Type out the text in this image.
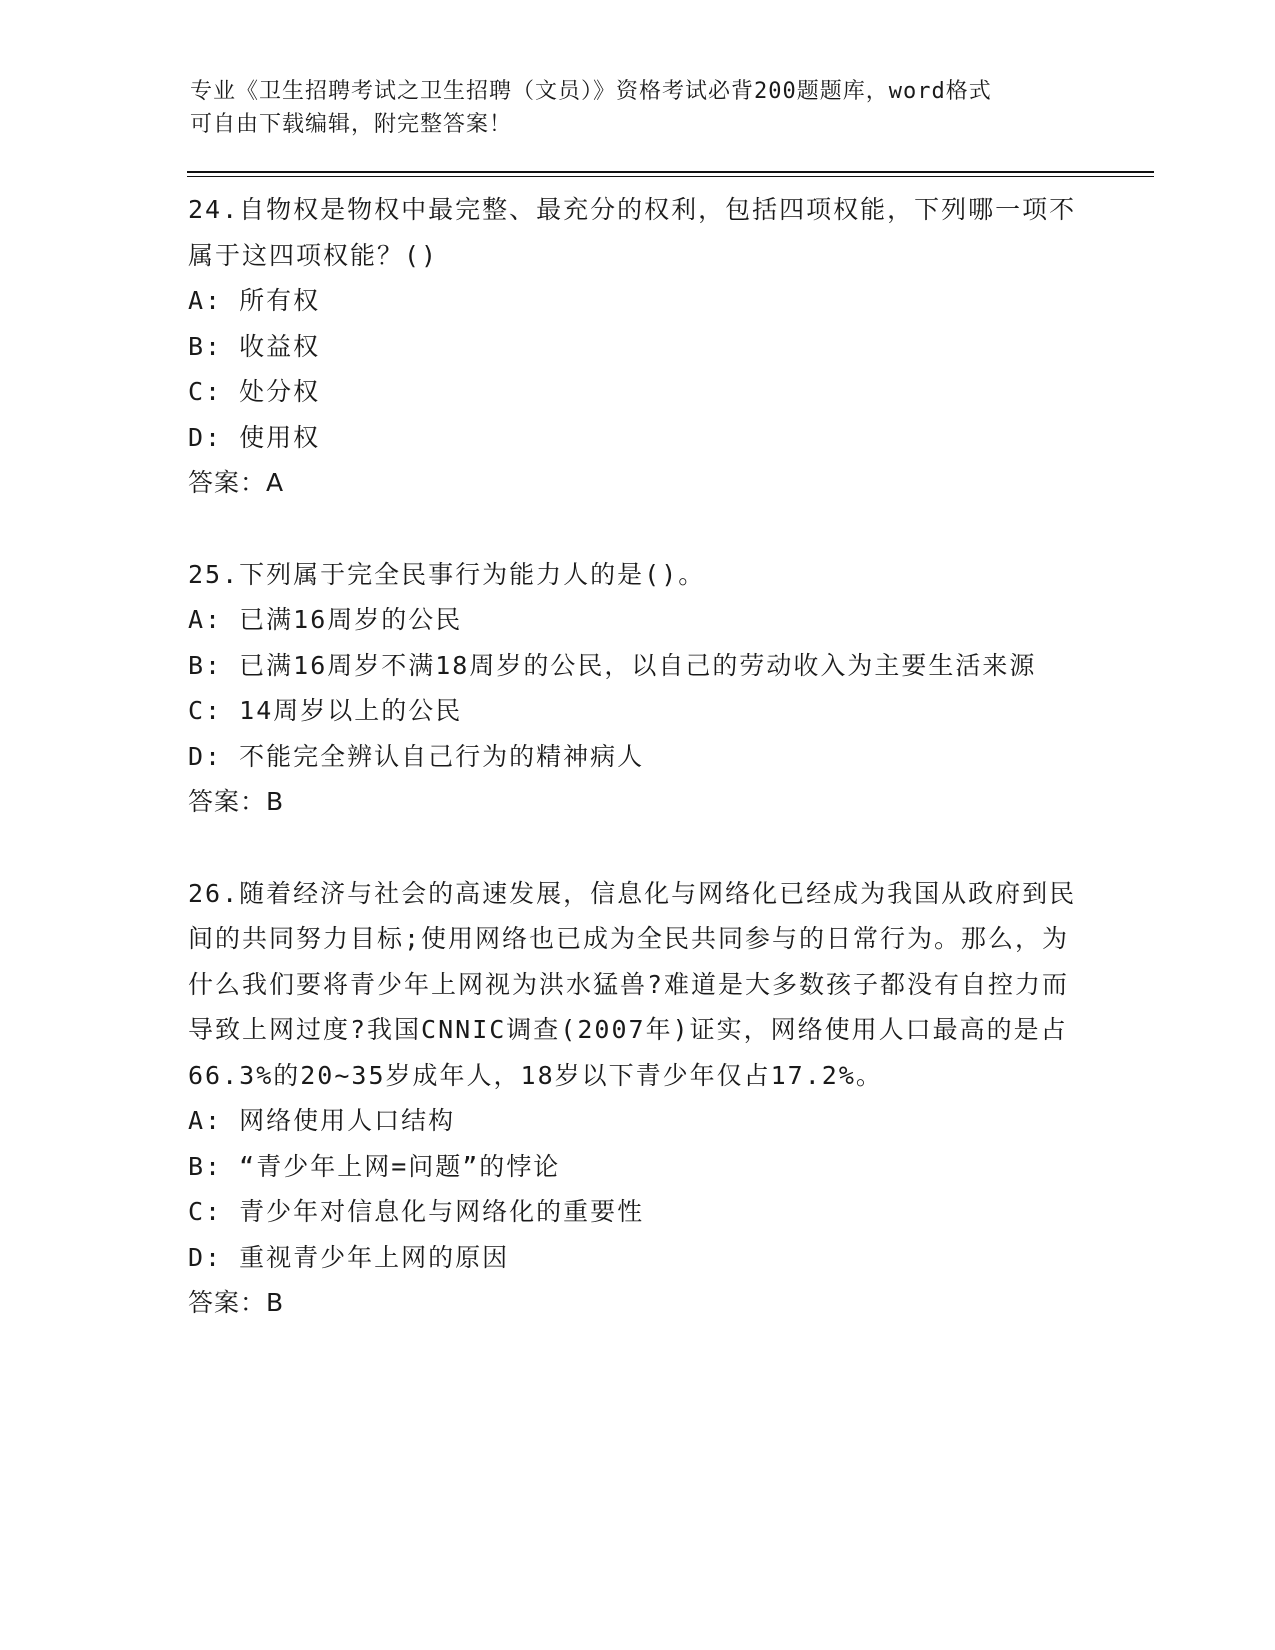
专业《卫生招聘考试之卫生招聘（文员）》资格考试必背200题题库，word格式
可自由下载编辑，附完整答案！
24.自物权是物权中最完整、最充分的权利，包括四项权能，下列哪一项不属于这四项权能？()
A: 所有权
B: 收益权
C: 处分权
D: 使用权
答案：A
25.下列属于完全民事行为能力人的是()。
A: 已满16周岁的公民
B: 已满16周岁不满18周岁的公民，以自己的劳动收入为主要生活来源
C: 14周岁以上的公民
D: 不能完全辨认自己行为的精神病人
答案：B
26.随着经济与社会的高速发展，信息化与网络化已经成为我国从政府到民间的共同努力目标;使用网络也已成为全民共同参与的日常行为。那么，为什么我们要将青少年上网视为洪水猛兽?难道是大多数孩子都没有自控力而导致上网过度?我国CNNIC调查(2007年)证实，网络使用人口最高的是占66.3%的20~35岁成年人，18岁以下青少年仅占17.2%。
A: 网络使用人口结构
B: “青少年上网=问题”的悖论
C: 青少年对信息化与网络化的重要性
D: 重视青少年上网的原因
答案：B
